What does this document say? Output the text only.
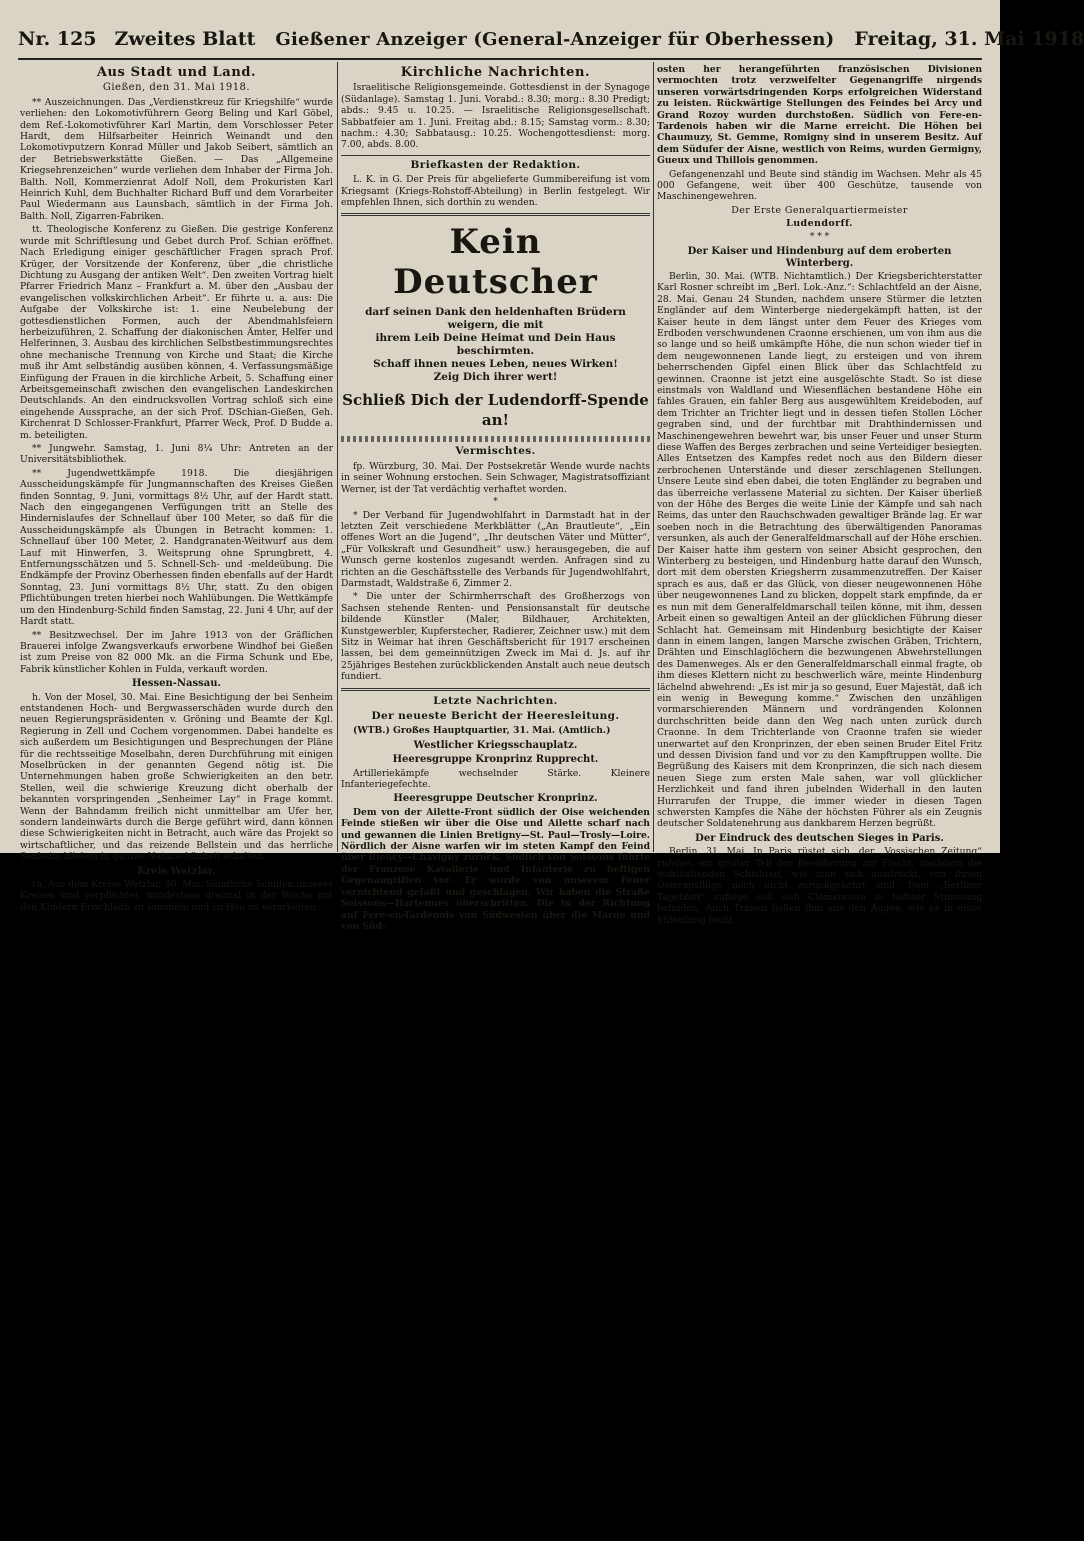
Nr. 125 Zweites Blatt Gießener Anzeiger (General-Anzeiger für Oberhessen) Freitag, 31. Mai 1918
Aus Stadt und Land.
Gießen, den 31. Mai 1918.

** Auszeichnungen. Das „Verdienstkreuz für Kriegshilfe“ wurde verliehen: den Lokomotivführern Georg Beling und Karl Göbel, dem Ref.-Lokomotivführer Karl Martin, dem Vorschlosser Peter Hardt, dem Hilfsarbeiter Heinrich Weinandt und den Lokomotivputzern Konrad Müller und Jakob Seibert, sämtlich an der Betriebswerkstätte Gießen. — Das „Allgemeine Kriegsehrenzeichen“ wurde verliehen dem Inhaber der Firma Joh. Balth. Noll, Kommerzienrat Adolf Noll, dem Prokuristen Karl Heinrich Kuhl, dem Buchhalter Richard Buff und dem Vorarbeiter Paul Wiedermann aus Launsbach, sämtlich in der Firma Joh. Balth. Noll, Zigarren-Fabriken.

tt. Theologische Konferenz zu Gießen. Die gestrige Konferenz wurde mit Schriftlesung und Gebet durch Prof. Schian eröffnet. Nach Erledigung einiger geschäftlicher Fragen sprach Prof. Krüger, der Vorsitzende der Konferenz, über „die christliche Dichtung zu Ausgang der antiken Welt“. Den zweiten Vortrag hielt Pfarrer Friedrich Manz – Frankfurt a. M. über den „Ausbau der evangelischen volkskirchlichen Arbeit“. Er führte u. a. aus: Die Aufgabe der Volkskirche ist: 1. eine Neubelebung der gottesdienstlichen Formen, auch der Abendmahlsfeiern herbeizuführen, 2. Schaffung der diakonischen Ämter, Helfer und Helferinnen, 3. Ausbau des kirchlichen Selbstbestimmungsrechtes ohne mechanische Trennung von Kirche und Staat; die Kirche muß ihr Amt selbständig ausüben können, 4. Verfassungsmäßige Einfügung der Frauen in die kirchliche Arbeit, 5. Schaffung einer Arbeitsgemeinschaft zwischen den evangelischen Landeskirchen Deutschlands. An den eindrucksvollen Vortrag schloß sich eine eingehende Aussprache, an der sich Prof. DSchian-Gießen, Geh. Kirchenrat D Schlosser-Frankfurt, Pfarrer Weck, Prof. D Budde a. m. beteiligten.

** Jungwehr. Samstag, 1. Juni 8¼ Uhr: Antreten an der Universitätsbibliothek.

** Jugendwettkämpfe 1918. Die diesjährigen Ausscheidungskämpfe für Jungmannschaften des Kreises Gießen finden Sonntag, 9. Juni, vormittags 8½ Uhr, auf der Hardt statt. Nach den eingegangenen Verfügungen tritt an Stelle des Hindernislaufes der Schnellauf über 100 Meter, so daß für die Ausscheidungskämpfe als Übungen in Betracht kommen: 1. Schnellauf über 100 Meter, 2. Handgranaten-Weitwurf aus dem Lauf mit Hinwerfen, 3. Weitsprung ohne Sprungbrett, 4. Entfernungsschätzen und 5. Schnell-Sch- und -meldeübung. Die Endkämpfe der Provinz Oberhessen finden ebenfalls auf der Hardt Sonntag, 23. Juni vormittags 8½ Uhr, statt. Zu den obigen Pflichtübungen treten hierbei noch Wahlübungen. Die Wettkämpfe um den Hindenburg-Schild finden Samstag, 22. Juni 4 Uhr, auf der Hardt statt.

** Besitzwechsel. Der im Jahre 1913 von der Gräflichen Brauerei infolge Zwangsverkaufs erworbene Windhof bei Gießen ist zum Preise von 82 000 Mk. an die Firma Schunk und Ebe, Fabrik künstlicher Kohlen in Fulda, verkauft worden.

Hessen-Nassau.

h. Von der Mosel, 30. Mai. Eine Besichtigung der bei Senheim entstandenen Hoch- und Bergwasserschäden wurde durch den neuen Regierungspräsidenten v. Gröning und Beamte der Kgl. Regierung in Zell und Cochem vorgenommen. Dabei handelte es sich außerdem um Besichtigungen und Besprechungen der Pläne für die rechtsseitige Moselbahn, deren Durchführung mit einigen Moselbrücken in der genannten Gegend nötig ist. Die Unternehmungen haben große Schwierigkeiten an den betr. Stellen, weil die schwierige Kreuzung dicht oberhalb der bekannten vorspringenden „Senheimer Lay“ in Frage kommt. Wenn der Bahndamm freilich nicht unmittelbar am Ufer her, sondern landeinwärts durch die Berge geführt wird, dann können diese Schwierigkeiten nicht in Betracht, auch wäre das Projekt so wirtschaftlicher, und das reizende Bellstein und das herrliche Senheim blieben in ganzer Naturschönheit erhalten.

Kreis Wetzlar.

ra. Aus dem Kreise Wetzlar, 30. Mai. Sämtliche Schulen unseres Kreises sind verpflichtet, mindestens dreimal in der Woche mit den Kindern Frischlaub zu sammeln und zu Heu zu verarbeiten.

Kirchliche Nachrichten.

Israelitische Religionsgemeinde. Gottesdienst in der Synagoge (Südanlage). Samstag 1. Juni. Vorabd.: 8.30; morg.: 8.30 Predigt; abds.: 9.45 u. 10.25. — Israelitische Religionsgesellschaft. Sabbatfeier am 1. Juni. Freitag abd.: 8.15; Samstag vorm.: 8.30; nachm.: 4.30; Sabbatausg.: 10.25. Wochengottesdienst: morg. 7.00, abds. 8.00.

Briefkasten der Redaktion.

L. K. in G. Der Preis für abgelieferte Gummibereifung ist vom Kriegsamt (Kriegs-Rohstoff-Abteilung) in Berlin festgelegt. Wir empfehlen Ihnen, sich dorthin zu wenden.

Kein Deutscher

darf seinen Dank den heldenhaften Brüdern weigern, die mit

ihrem Leib Deine Heimat und Dein Haus beschirmten.

Schaff ihnen neues Leben, neues Wirken!

Zeig Dich ihrer wert!

Schließ Dich der Ludendorff-Spende an!
Vermischtes.

fp. Würzburg, 30. Mai. Der Postsekretär Wende wurde nachts in seiner Wohnung erstochen. Sein Schwager, Magistratsoffiziant Werner, ist der Tat verdächtig verhaftet worden.

*

* Der Verband für Jugendwohlfahrt in Darmstadt hat in der letzten Zeit verschiedene Merkblätter („An Brautleute“, „Ein offenes Wort an die Jugend“, „Ihr deutschen Väter und Mütter“, „Für Volkskraft und Gesundheit“ usw.) herausgegeben, die auf Wunsch gerne kostenlos zugesandt werden. Anfragen sind zu richten an die Geschäftsstelle des Verbands für Jugendwohlfahrt, Darmstadt, Waldstraße 6, Zimmer 2.

* Die unter der Schirmherrschaft des Großherzogs von Sachsen stehende Renten- und Pensionsanstalt für deutsche bildende Künstler (Maler, Bildhauer, Architekten, Kunstgewerbler, Kupferstecher, Radierer, Zeichner usw.) mit dem Sitz in Weimar hat ihren Geschäftsbericht für 1917 erscheinen lassen, bei dem gemeinnützigen Zweck im Mai d. Js. auf ihr 25jähriges Bestehen zurückblickenden Anstalt auch neue deutsch fundiert.

Letzte Nachrichten.
Der neueste Bericht der Heeresleitung.

(WTB.) Großes Hauptquartier, 31. Mai. (Amtlich.)

Westlicher Kriegsschauplatz.
Heeresgruppe Kronprinz Rupprecht.

Artilleriekämpfe wechselnder Stärke. Kleinere Infanteriegefechte.

Heeresgruppe Deutscher Kronprinz.

Dem von der Ailette-Front südlich der Oise weichenden Feinde stießen wir über die Oise und Ailette scharf nach und gewannen die Linien Bretigny—St. Paul—Trosly—Loire. Nördlich der Aisne warfen wir im steten Kampf den Feind über Bieucy—Chavigny zurück. Südlich von Soissons führte der Franzose Kavallerie und Infanterie zu heftigen Gegenangriffen vor. Er wurde von unserem Feuer vernichtend gefaßt und geschlagen. Wir haben die Straße Soissons—Hartennes überschritten. Die in der Richtung auf Fere-en-Tardenois von Südwesten über die Marne und von Süd-

osten her herangeführten französischen Divisionen vermochten trotz verzweifelter Gegenangriffe nirgends unseren vorwärtsdringenden Korps erfolgreichen Widerstand zu leisten. Rückwärtige Stellungen des Feindes bei Arcy und Grand Rozoy wurden durchstoßen. Südlich von Fere-en-Tardenois haben wir die Marne erreicht. Die Höhen bei Chaumuzy, St. Gemme, Romigny sind in unserem Besitz. Auf dem Südufer der Aisne, westlich von Reims, wurden Germigny, Gueux und Thillois genommen.

Gefangenenzahl und Beute sind ständig im Wachsen. Mehr als 45 000 Gefangene, weit über 400 Geschütze, tausende von Maschinengewehren.

Der Erste Generalquartiermeister
Ludendorff.
* * *
Der Kaiser und Hindenburg auf dem eroberten Winterberg.

Berlin, 30. Mai. (WTB. Nichtamtlich.) Der Kriegsberichterstatter Karl Rosner schreibt im „Berl. Lok.-Anz.“: Schlachtfeld an der Aisne, 28. Mai. Genau 24 Stunden, nachdem unsere Stürmer die letzten Engländer auf dem Winterberge niedergekämpft hatten, ist der Kaiser heute in dem längst unter dem Feuer des Krieges vom Erdboden verschwundenen Craonne erschienen, um von ihm aus die so lange und so heiß umkämpfte Höhe, die nun schon wieder tief in dem neugewonnenen Lande liegt, zu ersteigen und von ihrem beherrschenden Gipfel einen Blick über das Schlachtfeld zu gewinnen. Craonne ist jetzt eine ausgelöschte Stadt. So ist diese einstmals von Waldland und Wiesenflächen bestandene Höhe ein fahles Grauen, ein fahler Berg aus ausgewühltem Kreideboden, auf dem Trichter an Trichter liegt und in dessen tiefen Stollen Löcher gegraben sind, und der furchtbar mit Drahthindernissen und Maschinengewehren bewehrt war, bis unser Feuer und unser Sturm diese Waffen des Berges zerbrachen und seine Verteidiger besiegten. Alles Entsetzen des Kampfes redet noch aus den Bildern dieser zerbrochenen Unterstände und dieser zerschlagenen Stellungen. Unsere Leute sind eben dabei, die toten Engländer zu begraben und das überreiche verlassene Material zu sichten. Der Kaiser überließ von der Höhe des Berges die weite Linie der Kämpfe und sah nach Reims, das unter den Rauchschwaden gewaltiger Brände lag. Er war soeben noch in die Betrachtung des überwältigenden Panoramas versunken, als auch der Generalfeldmarschall auf der Höhe erschien. Der Kaiser hatte ihm gestern von seiner Absicht gesprochen, den Winterberg zu besteigen, und Hindenburg hatte darauf den Wunsch, dort mit dem obersten Kriegsherrn zusammenzutreffen. Der Kaiser sprach es aus, daß er das Glück, von dieser neugewonnenen Höhe über neugewonnenes Land zu blicken, doppelt stark empfinde, da er es nun mit dem Generalfeldmarschall teilen könne, mit ihm, dessen Arbeit einen so gewaltigen Anteil an der glücklichen Führung dieser Schlacht hat. Gemeinsam mit Hindenburg besichtigte der Kaiser dann in einem langen, langen Marsche zwischen Gräben, Trichtern, Drähten und Einschlaglöchern die bezwungenen Abwehrstellungen des Damenweges. Als er den Generalfeldmarschall einmal fragte, ob ihm dieses Klettern nicht zu beschwerlich wäre, meinte Hindenburg lächelnd abwehrend: „Es ist mir ja so gesund, Euer Majestät, daß ich ein wenig in Bewegung komme.“ Zwischen den unzähligen vormarschierenden Männern und vordrängenden Kolonnen durchschritten beide dann den Weg nach unten zurück durch Craonne. In dem Trichterlande von Craonne trafen sie wieder unerwartet auf den Kronprinzen, der eben seinen Bruder Eitel Fritz und dessen Division fand und vor zu den Kampftruppen wollte. Die Begrüßung des Kaisers mit dem Kronprinzen, die sich nach diesem neuen Siege zum ersten Male sahen, war voll glücklicher Herzlichkeit und fand ihren jubelnden Widerhall in den lauten Hurrarufen der Truppe, die immer wieder in diesen Tagen schwersten Kampfes die Nähe der höchsten Führer als ein Zeugnis deutscher Soldatenehrung aus dankbarem Herzen begrüßt.

Der Eindruck des deutschen Sieges in Paris.

Berlin, 31. Mai. In Paris rüstet sich, der „Vossischen Zeitung“ zufolge, ein großer Teil der Bevölkerung zur Flucht, nachdem die wohlhabenden Schichten, wie man sich ausdrückt, von ihrem Osterausfluge noch nicht zurückgekehrt sind. Dem „Berliner Tageblatt“ zufolge soll sich Clemenceau in tiefster Stimmung befinden. Auch Tränen ließen ihm aus den Augen, wie es in einer Mitteilung heißt.
